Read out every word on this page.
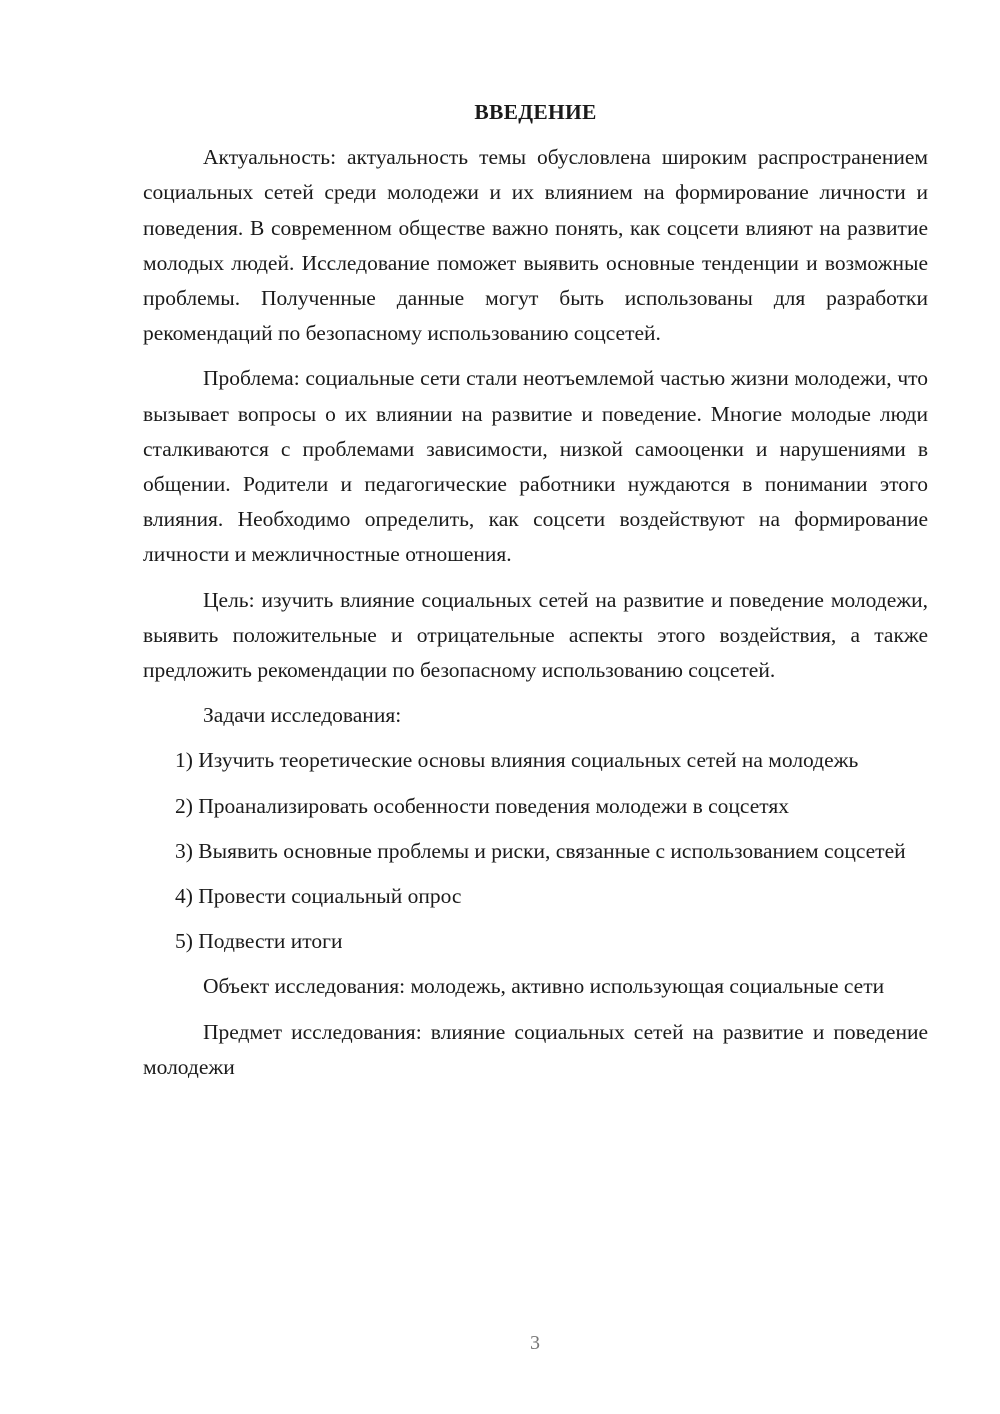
ВВЕДЕНИЕ

Актуальность: актуальность темы обусловлена широким распространением социальных сетей среди молодежи и их влиянием на формирование личности и поведения. В современном обществе важно понять, как соцсети влияют на развитие молодых людей. Исследование поможет выявить основные тенденции и возможные проблемы. Полученные данные могут быть использованы для разработки рекомендаций по безопасному использованию соцсетей.

Проблема: социальные сети стали неотъемлемой частью жизни молодежи, что вызывает вопросы о их влиянии на развитие и поведение. Многие молодые люди сталкиваются с проблемами зависимости, низкой самооценки и нарушениями в общении. Родители и педагогические работники нуждаются в понимании этого влияния. Необходимо определить, как соцсети воздействуют на формирование личности и межличностные отношения.

Цель: изучить влияние социальных сетей на развитие и поведение молодежи, выявить положительные и отрицательные аспекты этого воздействия, а также предложить рекомендации по безопасному использованию соцсетей.

Задачи исследования:

1) Изучить теоретические основы влияния социальных сетей на молодежь

2) Проанализировать особенности поведения молодежи в соцсетях

3) Выявить основные проблемы и риски, связанные с использованием соцсетей

4) Провести социальный опрос

5) Подвести итоги

Объект исследования: молодежь, активно использующая социальные сети

Предмет исследования: влияние социальных сетей на развитие и поведение молодежи

3
